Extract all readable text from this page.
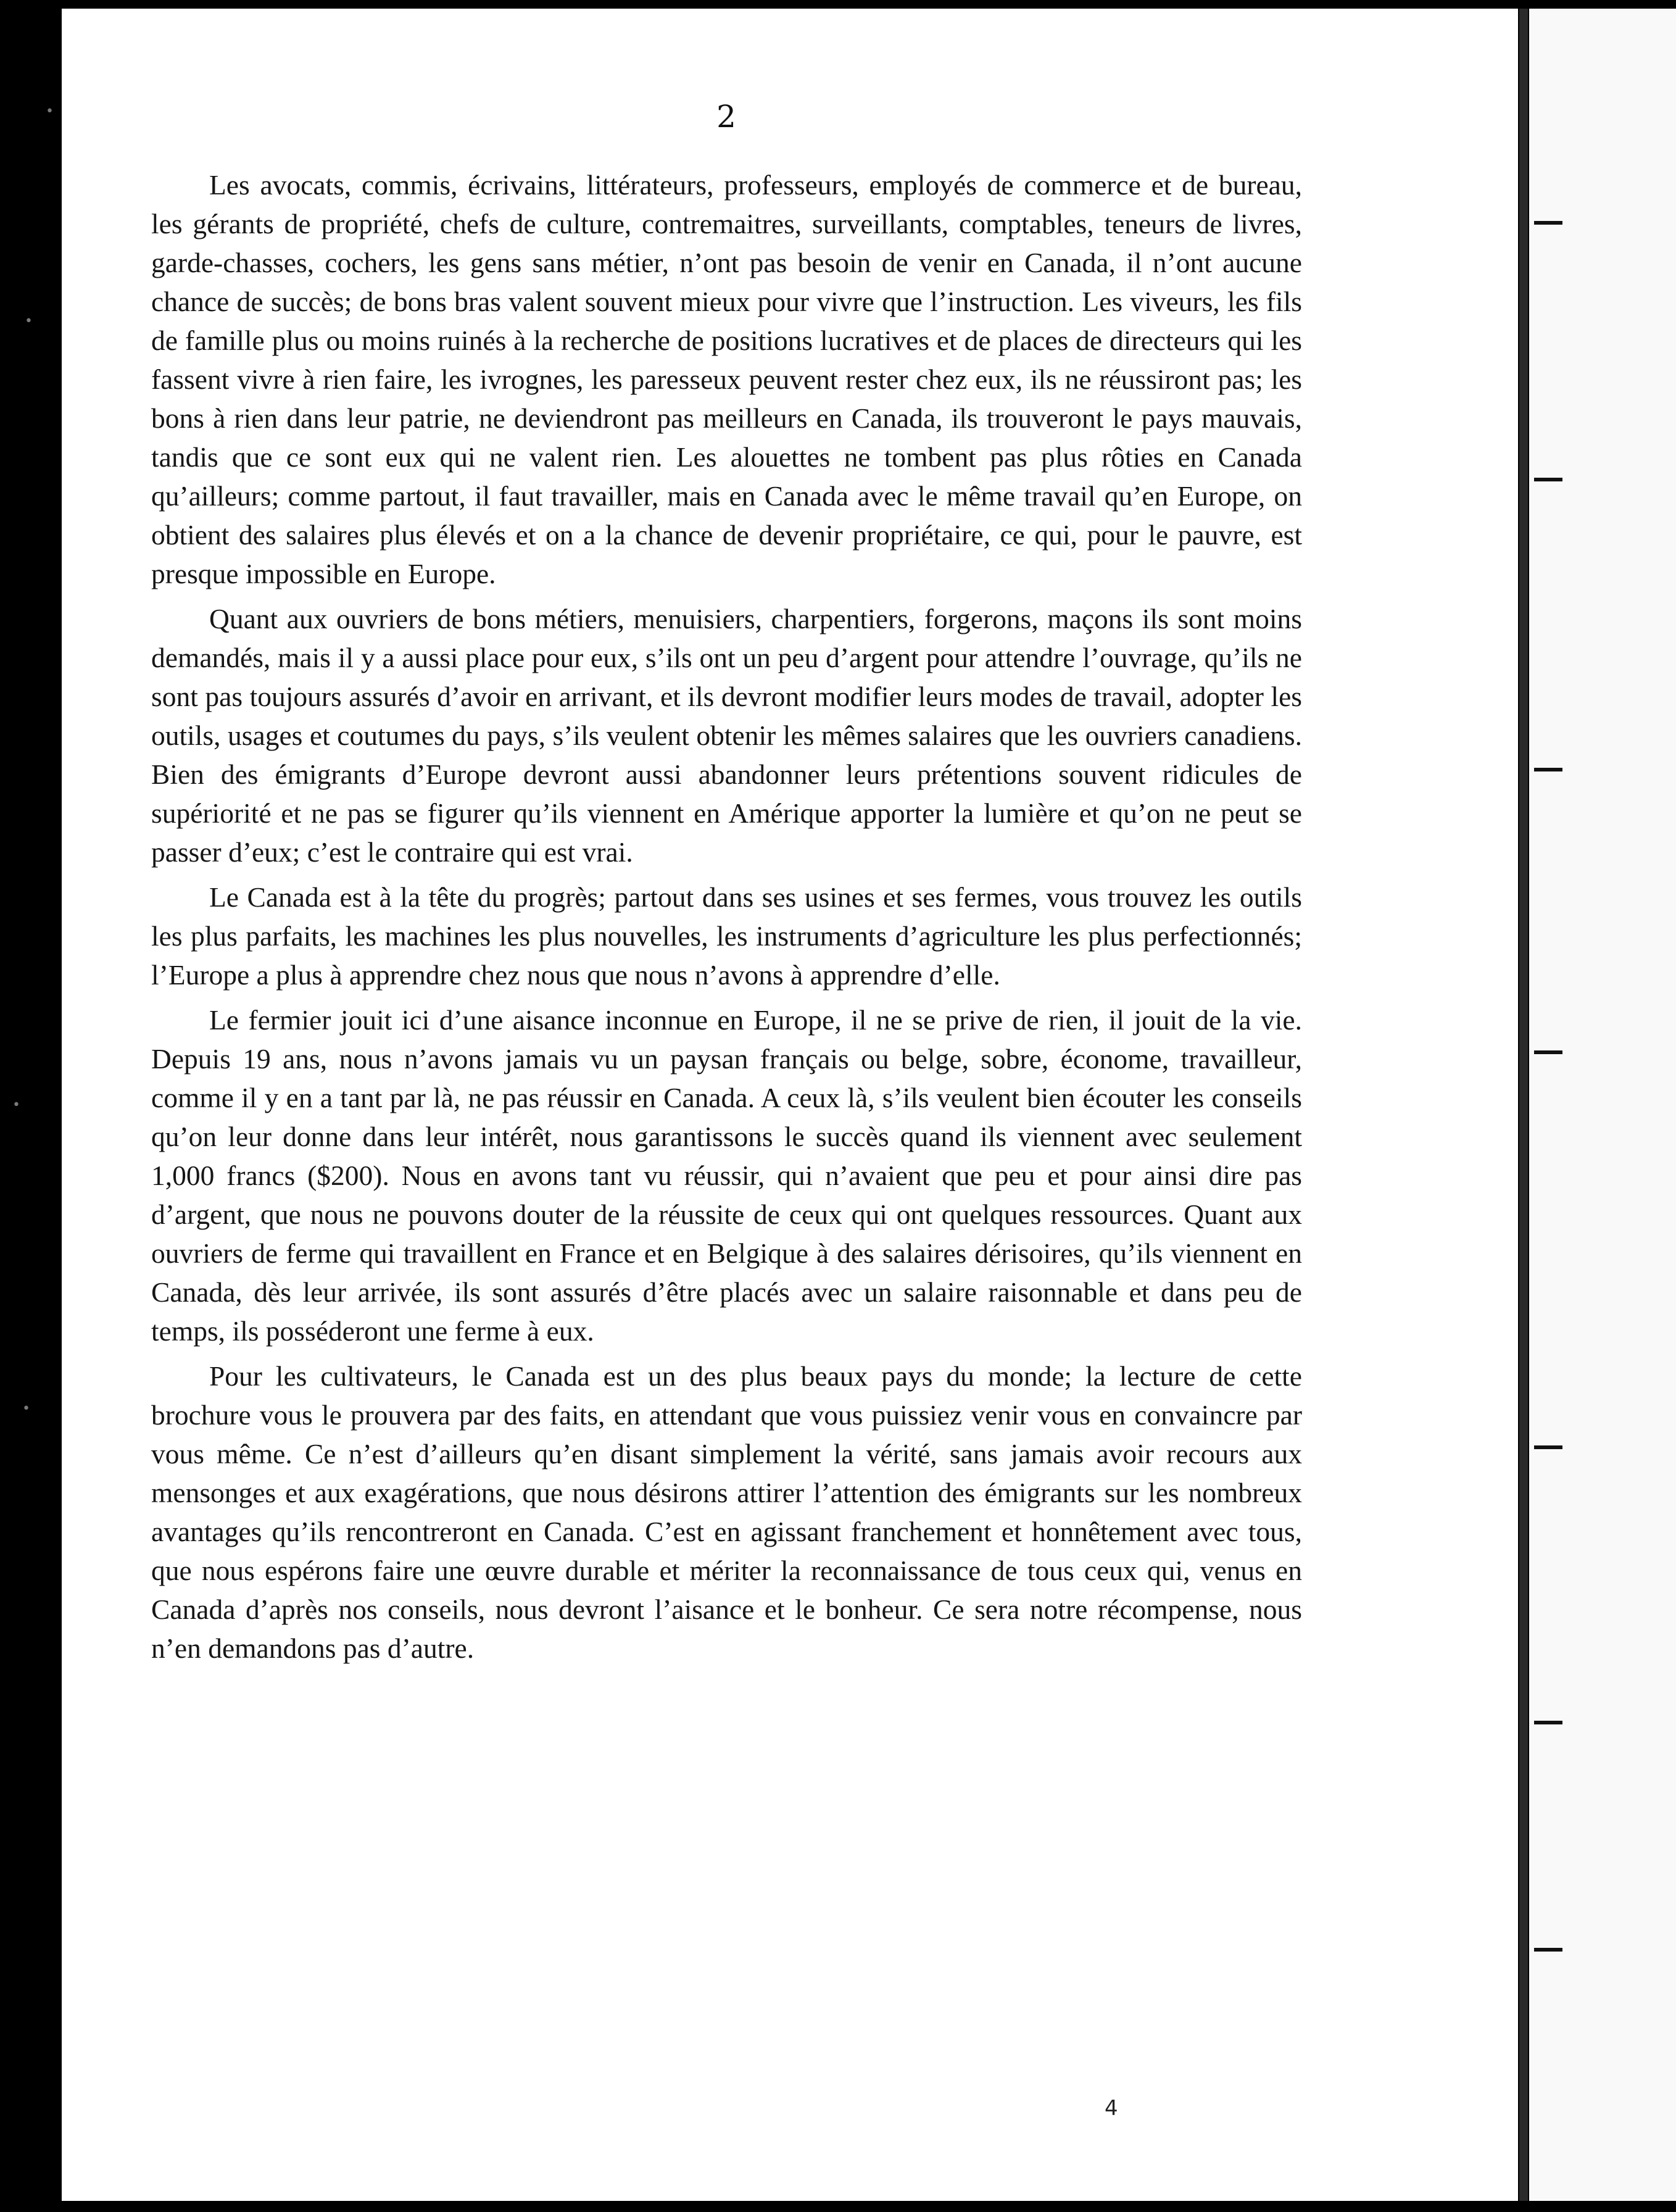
2

Les avocats, commis, écrivains, littérateurs, professeurs, employés de commerce et de bureau, les gérants de propriété, chefs de culture, contremaitres, surveillants, comptables, teneurs de livres, garde-chasses, cochers, les gens sans métier, n’ont pas besoin de venir en Canada, il n’ont aucune chance de succès; de bons bras valent souvent mieux pour vivre que l’instruction. Les viveurs, les fils de famille plus ou moins ruinés à la recherche de positions lucratives et de places de directeurs qui les fassent vivre à rien faire, les ivrognes, les paresseux peuvent rester chez eux, ils ne réussiront pas; les bons à rien dans leur patrie, ne deviendront pas meilleurs en Canada, ils trouveront le pays mauvais, tandis que ce sont eux qui ne valent rien. Les alouettes ne tombent pas plus rôties en Canada qu’ailleurs; comme partout, il faut travailler, mais en Canada avec le même travail qu’en Europe, on obtient des salaires plus élevés et on a la chance de devenir propriétaire, ce qui, pour le pauvre, est presque impossible en Europe.

Quant aux ouvriers de bons métiers, menuisiers, charpentiers, forgerons, maçons ils sont moins demandés, mais il y a aussi place pour eux, s’ils ont un peu d’argent pour attendre l’ouvrage, qu’ils ne sont pas toujours assurés d’avoir en arrivant, et ils devront modifier leurs modes de travail, adopter les outils, usages et coutumes du pays, s’ils veulent obtenir les mêmes salaires que les ouvriers canadiens. Bien des émigrants d’Europe devront aussi abandonner leurs prétentions souvent ridicules de supériorité et ne pas se figurer qu’ils viennent en Amérique apporter la lumière et qu’on ne peut se passer d’eux; c’est le contraire qui est vrai.

Le Canada est à la tête du progrès; partout dans ses usines et ses fermes, vous trouvez les outils les plus parfaits, les machines les plus nouvelles, les instruments d’agriculture les plus perfectionnés; l’Europe a plus à apprendre chez nous que nous n’avons à apprendre d’elle.

Le fermier jouit ici d’une aisance inconnue en Europe, il ne se prive de rien, il jouit de la vie. Depuis 19 ans, nous n’avons jamais vu un paysan français ou belge, sobre, économe, travailleur, comme il y en a tant par là, ne pas réussir en Canada. A ceux là, s’ils veulent bien écouter les conseils qu’on leur donne dans leur intérêt, nous garantissons le succès quand ils viennent avec seulement 1,000 francs ($200). Nous en avons tant vu réussir, qui n’avaient que peu et pour ainsi dire pas d’argent, que nous ne pouvons douter de la réussite de ceux qui ont quelques ressources. Quant aux ouvriers de ferme qui travaillent en France et en Belgique à des salaires dérisoires, qu’ils viennent en Canada, dès leur arrivée, ils sont assurés d’être placés avec un salaire raisonnable et dans peu de temps, ils posséderont une ferme à eux.

Pour les cultivateurs, le Canada est un des plus beaux pays du monde; la lecture de cette brochure vous le prouvera par des faits, en attendant que vous puissiez venir vous en convaincre par vous même. Ce n’est d’ailleurs qu’en disant simplement la vérité, sans jamais avoir recours aux mensonges et aux exagérations, que nous désirons attirer l’attention des émigrants sur les nombreux avantages qu’ils rencontreront en Canada. C’est en agissant franchement et honnêtement avec tous, que nous espérons faire une œuvre durable et mériter la reconnaissance de tous ceux qui, venus en Canada d’après nos conseils, nous devront l’aisance et le bonheur. Ce sera notre récompense, nous n’en demandons pas d’autre.

4
•
•
•
•
